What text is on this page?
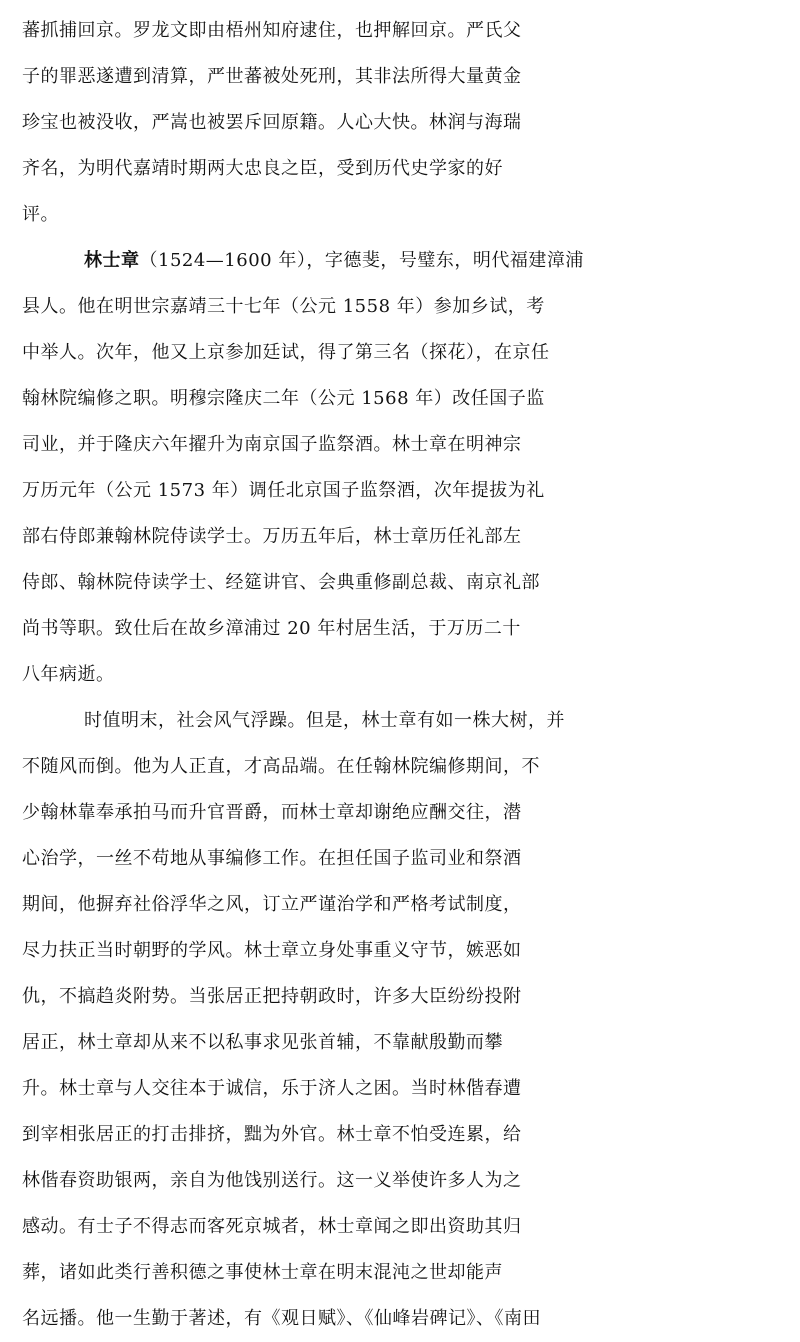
蕃抓捕回京。罗龙文即由梧州知府逮住，也押解回京。严氏父
子的罪恶遂遭到清算，严世蕃被处死刑，其非法所得大量黄金
珍宝也被没收，严嵩也被罢斥回原籍。人心大快。林润与海瑞
齐名，为明代嘉靖时期两大忠良之臣，受到历代史学家的好
评。
林士章（1524—1600 年），字德斐，号璧东，明代福建漳浦
县人。他在明世宗嘉靖三十七年（公元 1558 年）参加乡试，考
中举人。次年，他又上京参加廷试，得了第三名（探花），在京任
翰林院编修之职。明穆宗隆庆二年（公元 1568 年）改任国子监
司业，并于隆庆六年擢升为南京国子监祭酒。林士章在明神宗
万历元年（公元 1573 年）调任北京国子监祭酒，次年提拔为礼
部右侍郎兼翰林院侍读学士。万历五年后，林士章历任礼部左
侍郎、翰林院侍读学士、经筵讲官、会典重修副总裁、南京礼部
尚书等职。致仕后在故乡漳浦过 20 年村居生活，于万历二十
八年病逝。
时值明末，社会风气浮躁。但是，林士章有如一株大树，并
不随风而倒。他为人正直，才高品端。在任翰林院编修期间，不
少翰林靠奉承拍马而升官晋爵，而林士章却谢绝应酬交往，潜
心治学，一丝不苟地从事编修工作。在担任国子监司业和祭酒
期间，他摒弃社俗浮华之风，订立严谨治学和严格考试制度，
尽力扶正当时朝野的学风。林士章立身处事重义守节，嫉恶如
仇，不搞趋炎附势。当张居正把持朝政时，许多大臣纷纷投附
居正，林士章却从来不以私事求见张首辅，不靠献殷勤而攀
升。林士章与人交往本于诚信，乐于济人之困。当时林偕春遭
到宰相张居正的打击排挤，黜为外官。林士章不怕受连累，给
林偕春资助银两，亲自为他饯别送行。这一义举使许多人为之
感动。有士子不得志而客死京城者，林士章闻之即出资助其归
葬，诸如此类行善积德之事使林士章在明末混沌之世却能声
名远播。他一生勤于著述，有《观日赋》、《仙峰岩碑记》、《南田
